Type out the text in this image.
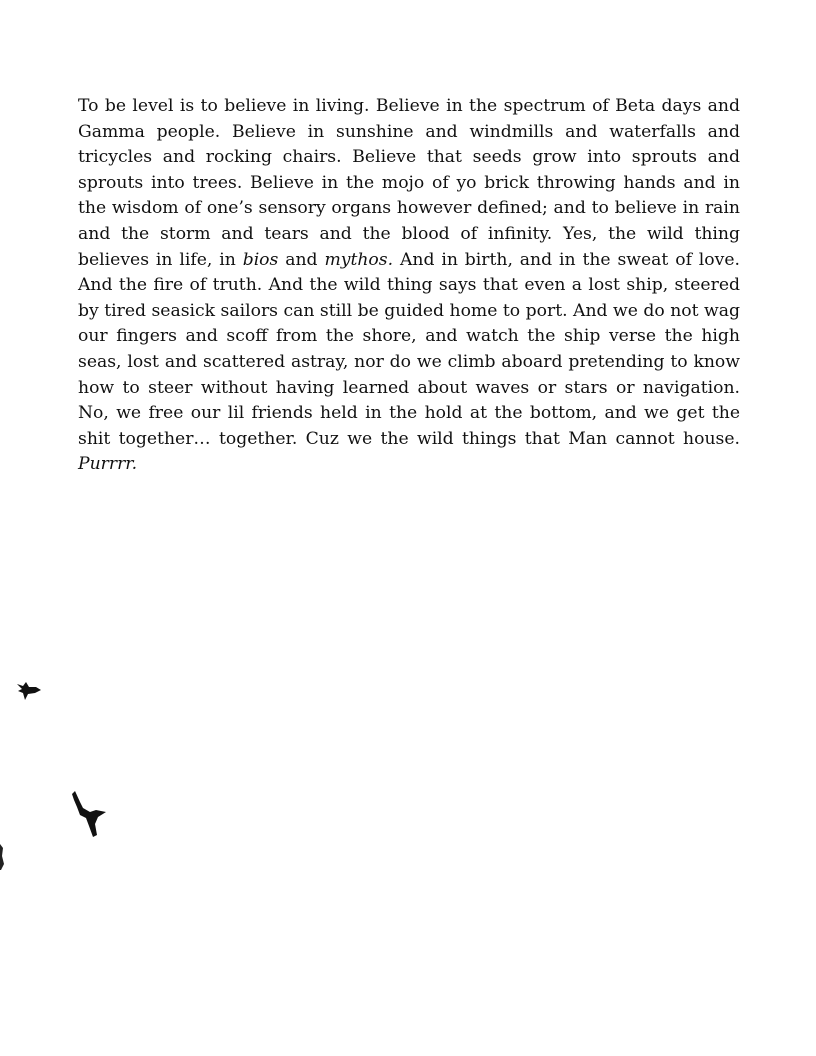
To be level is to believe in living. Believe in the spectrum of Beta days and Gamma people. Believe in sunshine and windmills and waterfalls and tricycles and rocking chairs. Believe that seeds grow into sprouts and sprouts into trees. Believe in the mojo of yo brick throwing hands and in the wisdom of one’s sensory organs however defined; and to believe in rain and the storm and tears and the blood of infinity. Yes, the wild thing believes in life, in bios and mythos. And in birth, and in the sweat of love. And the fire of truth. And the wild thing says that even a lost ship, steered by tired seasick sailors can still be guided home to port. And we do not wag our fingers and scoff from the shore, and watch the ship verse the high seas, lost and scattered astray, nor do we climb aboard pretending to know how to steer without having learned about waves or stars or navigation. No, we free our lil friends held in the hold at the bottom, and we get the shit together… together. Cuz we the wild things that Man cannot house. Purrrr.
